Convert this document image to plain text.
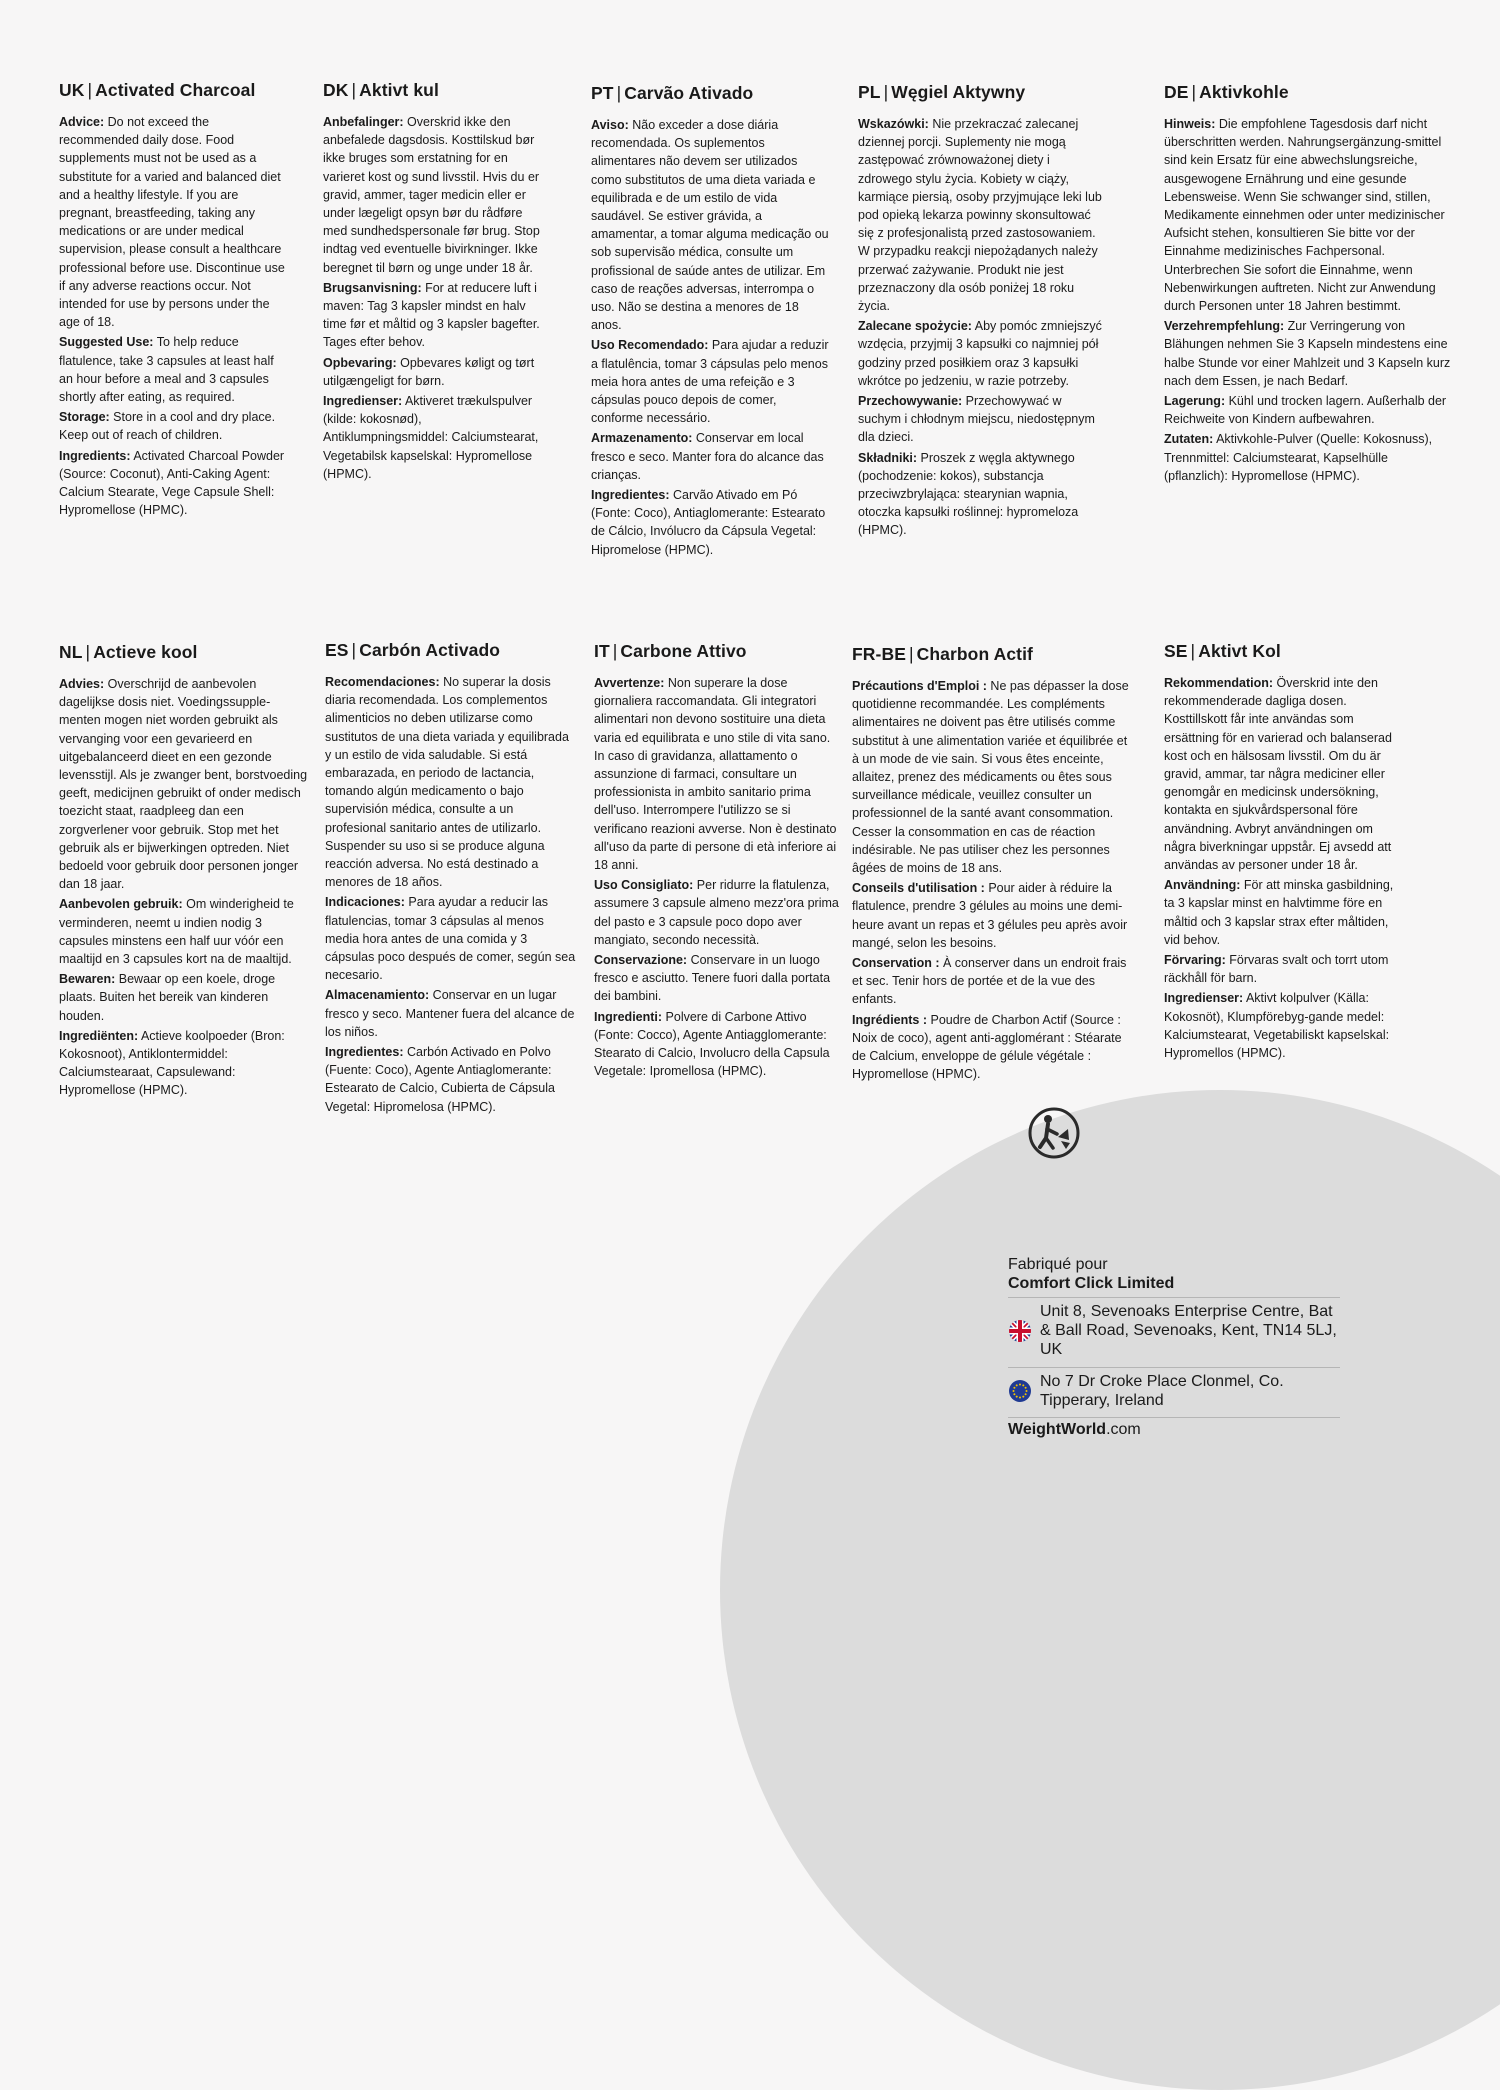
UK | Activated Charcoal

Advice: Do not exceed the recommended daily dose. Food supplements must not be used as a substitute for a varied and balanced diet and a healthy lifestyle. If you are pregnant, breastfeeding, taking any medications or are under medical supervision, please consult a healthcare professional before use. Discontinue use if any adverse reactions occur. Not intended for use by persons under the age of 18.

Suggested Use: To help reduce flatulence, take 3 capsules at least half an hour before a meal and 3 capsules shortly after eating, as required.

Storage: Store in a cool and dry place. Keep out of reach of children.

Ingredients: Activated Charcoal Powder (Source: Coconut), Anti-Caking Agent: Calcium Stearate, Vege Capsule Shell: Hypromellose (HPMC).

DK | Aktivt kul

Anbefalinger: Overskrid ikke den anbefalede dagsdosis. Kosttilskud bør ikke bruges som erstatning for en varieret kost og sund livsstil. Hvis du er gravid, ammer, tager medicin eller er under lægeligt opsyn bør du rådføre med sundhedspersonale før brug. Stop indtag ved eventuelle bivirkninger. Ikke beregnet til børn og unge under 18 år.

Brugsanvisning: For at reducere luft i maven: Tag 3 kapsler mindst en halv time før et måltid og 3 kapsler bagefter. Tages efter behov.

Opbevaring: Opbevares køligt og tørt utilgængeligt for børn.

Ingredienser: Aktiveret trækulspulver (kilde: kokosnød), Antiklumpningsmiddel: Calciumstearat, Vegetabilsk kapselskal: Hypromellose (HPMC).

PT | Carvão Ativado

Aviso: Não exceder a dose diária recomendada. Os suplementos alimentares não devem ser utilizados como substitutos de uma dieta variada e equilibrada e de um estilo de vida saudável. Se estiver grávida, a amamentar, a tomar alguma medicação ou sob supervisão médica, consulte um profissional de saúde antes de utilizar. Em caso de reações adversas, interrompa o uso. Não se destina a menores de 18 anos.

Uso Recomendado: Para ajudar a reduzir a flatulência, tomar 3 cápsulas pelo menos meia hora antes de uma refeição e 3 cápsulas pouco depois de comer, conforme necessário.

Armazenamento: Conservar em local fresco e seco. Manter fora do alcance das crianças.

Ingredientes: Carvão Ativado em Pó (Fonte: Coco), Antiaglomerante: Estearato de Cálcio, Invólucro da Cápsula Vegetal: Hipromelose (HPMC).

PL | Węgiel Aktywny

Wskazówki: Nie przekraczać zalecanej dziennej porcji. Suplementy nie mogą zastępować zrównoważonej diety i zdrowego stylu życia. Kobiety w ciąży, karmiące piersią, osoby przyjmujące leki lub pod opieką lekarza powinny skonsultować się z profesjonalistą przed zastosowaniem. W przypadku reakcji niepożądanych należy przerwać zażywanie. Produkt nie jest przeznaczony dla osób poniżej 18 roku życia.

Zalecane spożycie: Aby pomóc zmniejszyć wzdęcia, przyjmij 3 kapsułki co najmniej pół godziny przed posiłkiem oraz 3 kapsułki wkrótce po jedzeniu, w razie potrzeby.

Przechowywanie: Przechowywać w suchym i chłodnym miejscu, niedostępnym dla dzieci.

Składniki: Proszek z węgla aktywnego (pochodzenie: kokos), substancja przeciwzbrylająca: stearynian wapnia, otoczka kapsułki roślinnej: hypromeloza (HPMC).

DE | Aktivkohle

Hinweis: Die empfohlene Tagesdosis darf nicht überschritten werden. Nahrungsergänzung-smittel sind kein Ersatz für eine abwechslungsreiche, ausgewogene Ernährung und eine gesunde Lebensweise. Wenn Sie schwanger sind, stillen, Medikamente einnehmen oder unter medizinischer Aufsicht stehen, konsultieren Sie bitte vor der Einnahme medizinisches Fachpersonal. Unterbrechen Sie sofort die Einnahme, wenn Nebenwirkungen auftreten. Nicht zur Anwendung durch Personen unter 18 Jahren bestimmt.

Verzehrempfehlung: Zur Verringerung von Blähungen nehmen Sie 3 Kapseln mindestens eine halbe Stunde vor einer Mahlzeit und 3 Kapseln kurz nach dem Essen, je nach Bedarf.

Lagerung: Kühl und trocken lagern. Außerhalb der Reichweite von Kindern aufbewahren.

Zutaten: Aktivkohle-Pulver (Quelle: Kokosnuss), Trennmittel: Calciumstearat, Kapselhülle (pflanzlich): Hypromellose (HPMC).

NL | Actieve kool

Advies: Overschrijd de aanbevolen dagelijkse dosis niet. Voedingssupple-menten mogen niet worden gebruikt als vervanging voor een gevarieerd en uitgebalanceerd dieet en een gezonde levensstijl. Als je zwanger bent, borstvoeding geeft, medicijnen gebruikt of onder medisch toezicht staat, raadpleeg dan een zorgverlener voor gebruik. Stop met het gebruik als er bijwerkingen optreden. Niet bedoeld voor gebruik door personen jonger dan 18 jaar.

Aanbevolen gebruik: Om winderigheid te verminderen, neemt u indien nodig 3 capsules minstens een half uur vóór een maaltijd en 3 capsules kort na de maaltijd.

Bewaren: Bewaar op een koele, droge plaats. Buiten het bereik van kinderen houden.

Ingrediënten: Actieve koolpoeder (Bron: Kokosnoot), Antiklontermiddel: Calciumstearaat, Capsulewand: Hypromellose (HPMC).

ES | Carbón Activado

Recomendaciones: No superar la dosis diaria recomendada. Los complementos alimenticios no deben utilizarse como sustitutos de una dieta variada y equilibrada y un estilo de vida saludable. Si está embarazada, en periodo de lactancia, tomando algún medicamento o bajo supervisión médica, consulte a un profesional sanitario antes de utilizarlo. Suspender su uso si se produce alguna reacción adversa. No está destinado a menores de 18 años.

Indicaciones: Para ayudar a reducir las flatulencias, tomar 3 cápsulas al menos media hora antes de una comida y 3 cápsulas poco después de comer, según sea necesario.

Almacenamiento: Conservar en un lugar fresco y seco. Mantener fuera del alcance de los niños.

Ingredientes: Carbón Activado en Polvo (Fuente: Coco), Agente Antiaglomerante: Estearato de Calcio, Cubierta de Cápsula Vegetal: Hipromelosa (HPMC).

IT | Carbone Attivo

Avvertenze: Non superare la dose giornaliera raccomandata. Gli integratori alimentari non devono sostituire una dieta varia ed equilibrata e uno stile di vita sano. In caso di gravidanza, allattamento o assunzione di farmaci, consultare un professionista in ambito sanitario prima dell'uso. Interrompere l'utilizzo se si verificano reazioni avverse. Non è destinato all'uso da parte di persone di età inferiore ai 18 anni.

Uso Consigliato: Per ridurre la flatulenza, assumere 3 capsule almeno mezz'ora prima del pasto e 3 capsule poco dopo aver mangiato, secondo necessità.

Conservazione: Conservare in un luogo fresco e asciutto. Tenere fuori dalla portata dei bambini.

Ingredienti: Polvere di Carbone Attivo (Fonte: Cocco), Agente Antiagglomerante: Stearato di Calcio, Involucro della Capsula Vegetale: Ipromellosa (HPMC).

FR-BE | Charbon Actif

Précautions d'Emploi : Ne pas dépasser la dose quotidienne recommandée. Les compléments alimentaires ne doivent pas être utilisés comme substitut à une alimentation variée et équilibrée et à un mode de vie sain. Si vous êtes enceinte, allaitez, prenez des médicaments ou êtes sous surveillance médicale, veuillez consulter un professionnel de la santé avant consommation. Cesser la consommation en cas de réaction indésirable. Ne pas utiliser chez les personnes âgées de moins de 18 ans.

Conseils d'utilisation : Pour aider à réduire la flatulence, prendre 3 gélules au moins une demi-heure avant un repas et 3 gélules peu après avoir mangé, selon les besoins.

Conservation : À conserver dans un endroit frais et sec. Tenir hors de portée et de la vue des enfants.

Ingrédients : Poudre de Charbon Actif (Source : Noix de coco), agent anti-agglomérant : Stéarate de Calcium, enveloppe de gélule végétale : Hypromellose (HPMC).

SE | Aktivt Kol

Rekommendation: Överskrid inte den rekommenderade dagliga dosen. Kosttillskott får inte användas som ersättning för en varierad och balanserad kost och en hälsosam livsstil. Om du är gravid, ammar, tar några mediciner eller genomgår en medicinsk undersökning, kontakta en sjukvårdspersonal före användning. Avbryt användningen om några biverkningar uppstår. Ej avsedd att användas av personer under 18 år.

Användning: För att minska gasbildning, ta 3 kapslar minst en halvtimme före en måltid och 3 kapslar strax efter måltiden, vid behov.

Förvaring: Förvaras svalt och torrt utom räckhåll för barn.

Ingredienser: Aktivt kolpulver (Källa: Kokosnöt), Klumpförebyg-gande medel: Kalciumstearat, Vegetabiliskt kapselskal: Hypromellos (HPMC).

Fabriqué pour
Comfort Click Limited
Unit 8, Sevenoaks Enterprise Centre, Bat & Ball Road, Sevenoaks, Kent, TN14 5LJ, UK
No 7 Dr Croke Place Clonmel, Co. Tipperary, Ireland
WeightWorld.com
